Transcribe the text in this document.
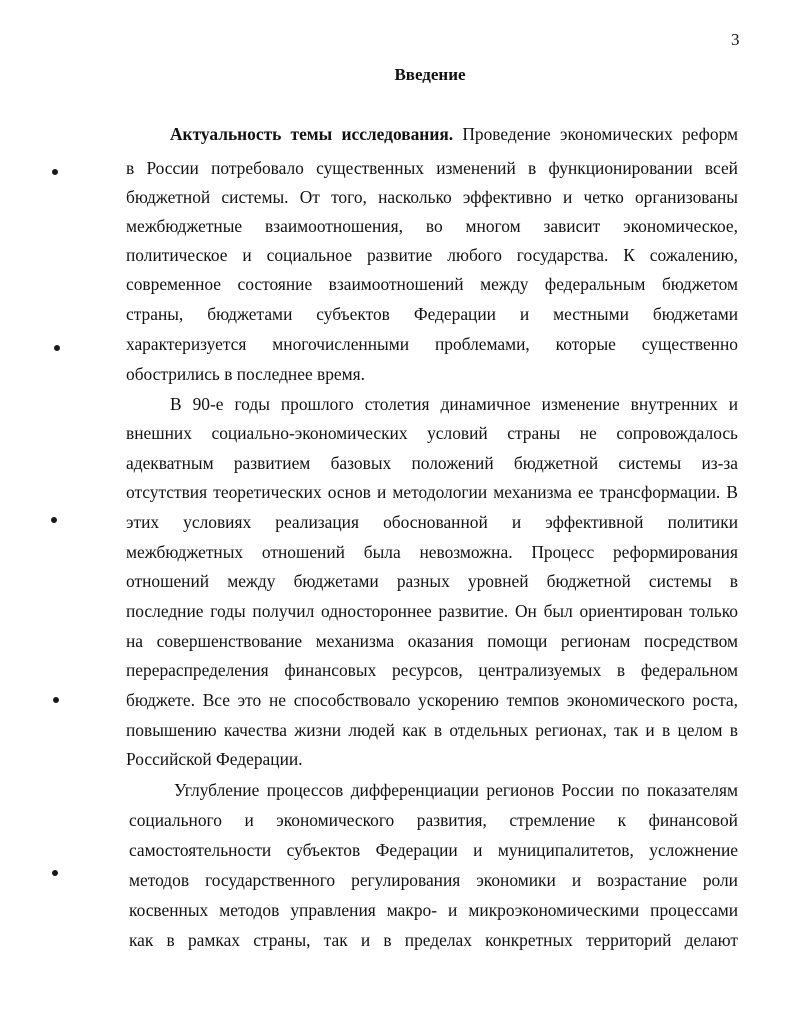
3
Введение
Актуальность темы исследования. Проведение экономических реформ
в России потребовало существенных изменений в функционировании всей
бюджетной системы. От того, насколько эффективно и четко организованы
межбюджетные взаимоотношения, во многом зависит экономическое,
политическое и социальное развитие любого государства. К сожалению,
современное состояние взаимоотношений между федеральным бюджетом
страны, бюджетами субъектов Федерации и местными бюджетами
характеризуется многочисленными проблемами, которые существенно
обострились в последнее время.
В 90-е годы прошлого столетия динамичное изменение внутренних и
внешних социально-экономических условий страны не сопровождалось
адекватным развитием базовых положений бюджетной системы из-за
отсутствия теоретических основ и методологии механизма ее трансформации. В
этих условиях реализация обоснованной и эффективной политики
межбюджетных отношений была невозможна. Процесс реформирования
отношений между бюджетами разных уровней бюджетной системы в
последние годы получил одностороннее развитие. Он был ориентирован только
на совершенствование механизма оказания помощи регионам посредством
перераспределения финансовых ресурсов, централизуемых в федеральном
бюджете. Все это не способствовало ускорению темпов экономического роста,
повышению качества жизни людей как в отдельных регионах, так и в целом в
Российской Федерации.
Углубление процессов дифференциации регионов России по показателям
социального и экономического развития, стремление к финансовой
самостоятельности субъектов Федерации и муниципалитетов, усложнение
методов государственного регулирования экономики и возрастание роли
косвенных методов управления макро- и микроэкономическими процессами
как в рамках страны, так и в пределах конкретных территорий делают
